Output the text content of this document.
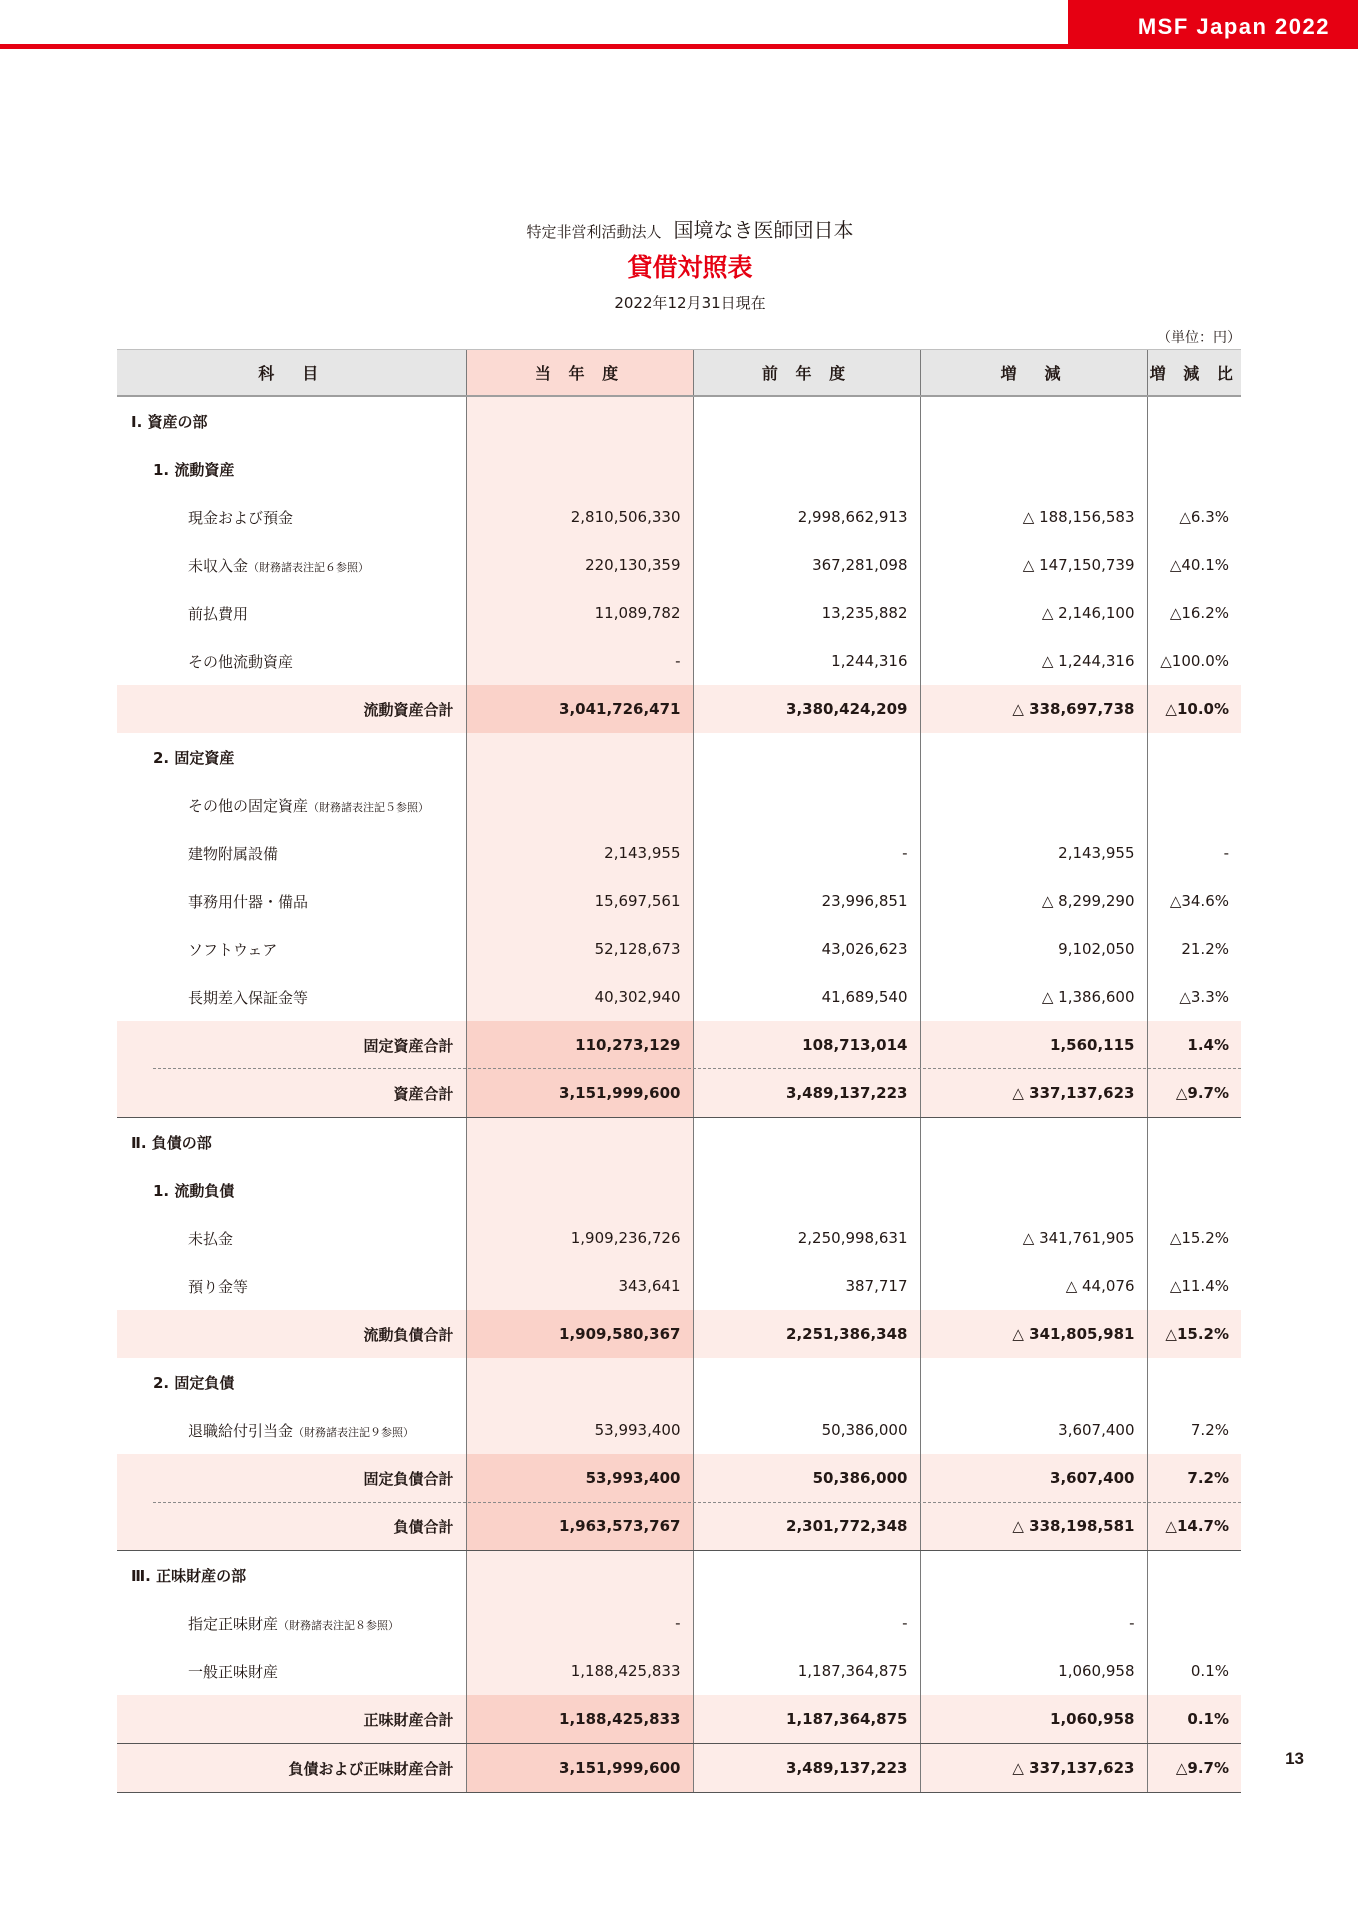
MSF Japan 2022
特定非営利活動法人 国境なき医師団日本
貸借対照表
2022年12月31日現在
（単位：円）
科　目	当 年 度	前 年 度	増　減	増 減 比
Ⅰ. 資産の部				
1. 流動資産				
現金および預金	2,810,506,330	2,998,662,913	△ 188,156,583	△6.3%
未収入金（財務諸表注記６参照）	220,130,359	367,281,098	△ 147,150,739	△40.1%
前払費用	11,089,782	13,235,882	△ 2,146,100	△16.2%
その他流動資産	-	1,244,316	△ 1,244,316	△100.0%
流動資産合計	3,041,726,471	3,380,424,209	△ 338,697,738	△10.0%
2. 固定資産				
その他の固定資産（財務諸表注記５参照）				
建物附属設備	2,143,955	-	2,143,955	-
事務用什器・備品	15,697,561	23,996,851	△ 8,299,290	△34.6%
ソフトウェア	52,128,673	43,026,623	9,102,050	21.2%
長期差入保証金等	40,302,940	41,689,540	△ 1,386,600	△3.3%
固定資産合計	110,273,129	108,713,014	1,560,115	1.4%
資産合計	3,151,999,600	3,489,137,223	△ 337,137,623	△9.7%
Ⅱ. 負債の部				
1. 流動負債				
未払金	1,909,236,726	2,250,998,631	△ 341,761,905	△15.2%
預り金等	343,641	387,717	△ 44,076	△11.4%
流動負債合計	1,909,580,367	2,251,386,348	△ 341,805,981	△15.2%
2. 固定負債				
退職給付引当金（財務諸表注記９参照）	53,993,400	50,386,000	3,607,400	7.2%
固定負債合計	53,993,400	50,386,000	3,607,400	7.2%
負債合計	1,963,573,767	2,301,772,348	△ 338,198,581	△14.7%
Ⅲ. 正味財産の部				
指定正味財産（財務諸表注記８参照）	-	-	-	
一般正味財産	1,188,425,833	1,187,364,875	1,060,958	0.1%
正味財産合計	1,188,425,833	1,187,364,875	1,060,958	0.1%
負債および正味財産合計	3,151,999,600	3,489,137,223	△ 337,137,623	△9.7%	13
